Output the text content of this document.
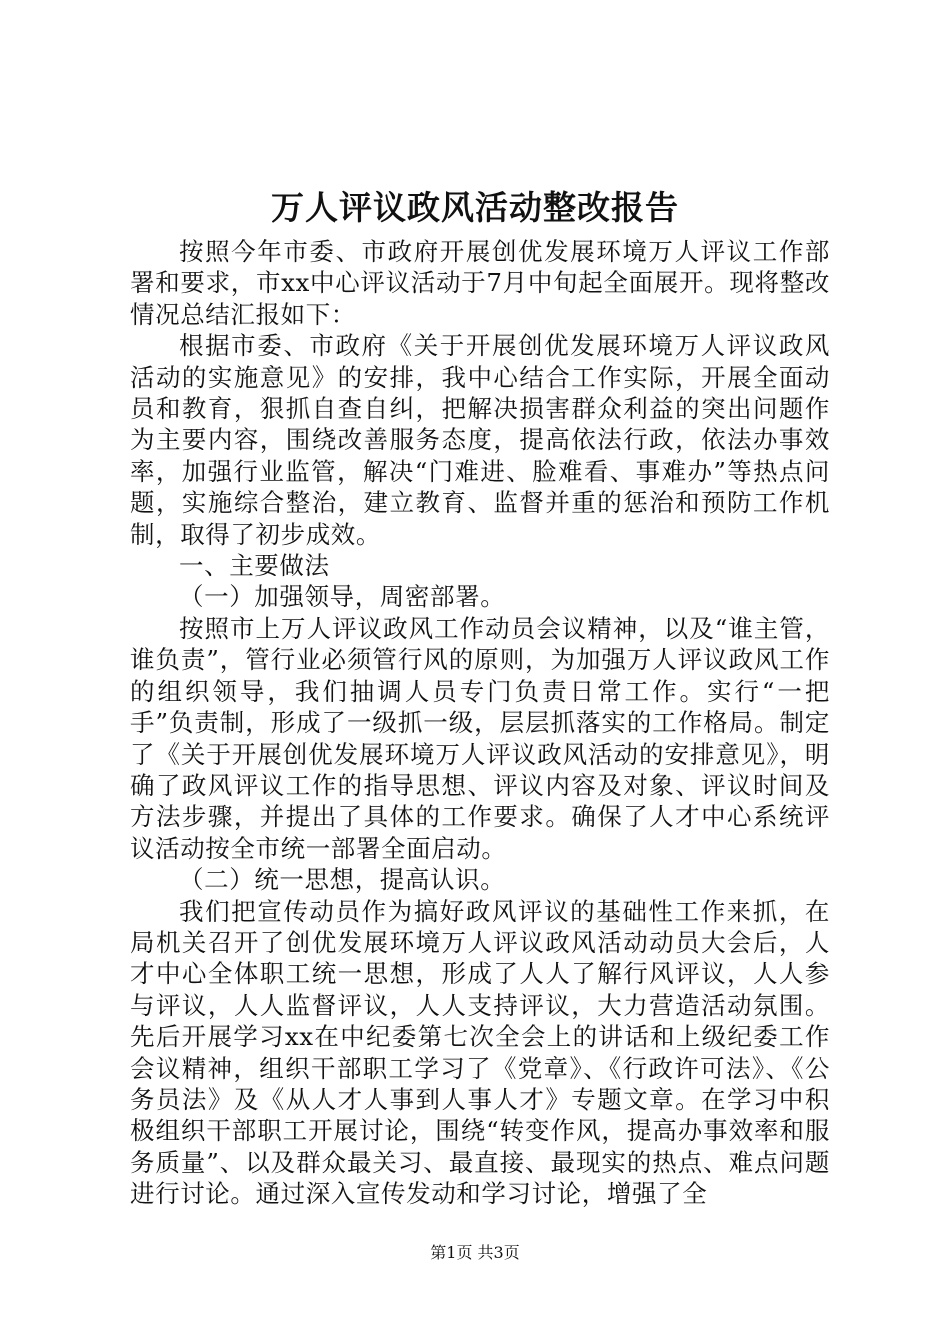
万人评议政风活动整改报告

按照今年市委、市政府开展创优发展环境万人评议工作部署和要求，市xx中心评议活动于7月中旬起全面展开。现将整改情况总结汇报如下：

根据市委、市政府《关于开展创优发展环境万人评议政风活动的实施意见》的安排，我中心结合工作实际，开展全面动员和教育，狠抓自查自纠，把解决损害群众利益的突出问题作为主要内容，围绕改善服务态度，提高依法行政，依法办事效率，加强行业监管，解决“门难进、脸难看、事难办”等热点问题，实施综合整治，建立教育、监督并重的惩治和预防工作机制，取得了初步成效。

一、主要做法

（一）加强领导，周密部署。

按照市上万人评议政风工作动员会议精神，以及“谁主管，谁负责”，管行业必须管行风的原则，为加强万人评议政风工作的组织领导，我们抽调人员专门负责日常工作。实行“一把手”负责制，形成了一级抓一级，层层抓落实的工作格局。制定了《关于开展创优发展环境万人评议政风活动的安排意见》，明确了政风评议工作的指导思想、评议内容及对象、评议时间及方法步骤，并提出了具体的工作要求。确保了人才中心系统评议活动按全市统一部署全面启动。

（二）统一思想，提高认识。

我们把宣传动员作为搞好政风评议的基础性工作来抓，在局机关召开了创优发展环境万人评议政风活动动员大会后，人才中心全体职工统一思想，形成了人人了解行风评议，人人参与评议，人人监督评议，人人支持评议，大力营造活动氛围。先后开展学习xx在中纪委第七次全会上的讲话和上级纪委工作会议精神，组织干部职工学习了《党章》、《行政许可法》、《公务员法》及《从人才人事到人事人才》专题文章。在学习中积极组织干部职工开展讨论，围绕“转变作风，提高办事效率和服务质量”、以及群众最关习、最直接、最现实的热点、难点问题进行讨论。通过深入宣传发动和学习讨论，增强了全

第1页 共3页
